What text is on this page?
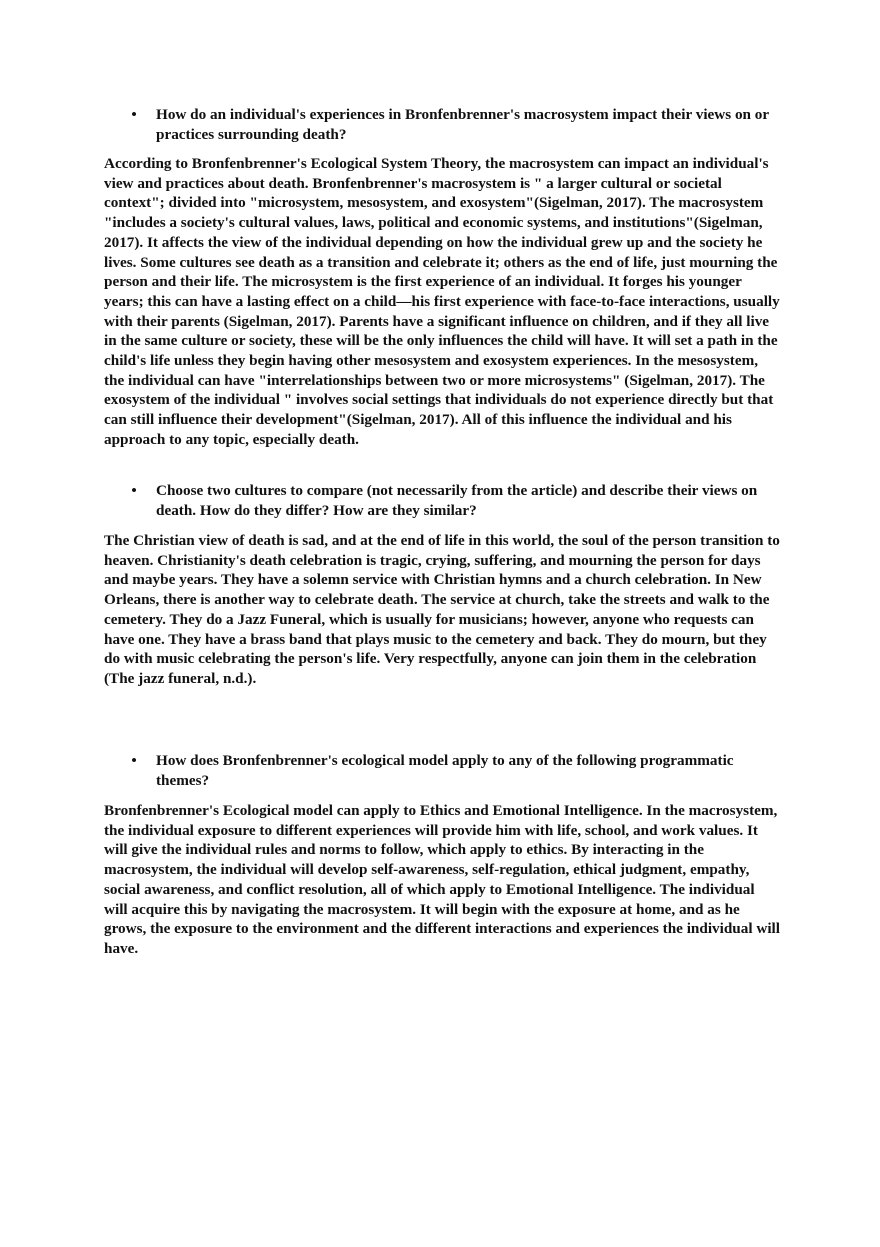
• How do an individual's experiences in Bronfenbrenner's macrosystem impact their views on or practices surrounding death?
According to Bronfenbrenner's Ecological System Theory, the macrosystem can impact an individual's view and practices about death. Bronfenbrenner's macrosystem is " a larger cultural or societal context"; divided into "microsystem, mesosystem, and exosystem"(Sigelman, 2017). The macrosystem "includes a society's cultural values, laws, political and economic systems, and institutions"(Sigelman, 2017). It affects the view of the individual depending on how the individual grew up and the society he lives. Some cultures see death as a transition and celebrate it; others as the end of life, just mourning the person and their life. The microsystem is the first experience of an individual. It forges his younger years; this can have a lasting effect on a child—his first experience with face-to-face interactions, usually with their parents (Sigelman, 2017). Parents have a significant influence on children, and if they all live in the same culture or society, these will be the only influences the child will have. It will set a path in the child's life unless they begin having other mesosystem and exosystem experiences. In the mesosystem, the individual can have "interrelationships between two or more microsystems" (Sigelman, 2017). The exosystem of the individual " involves social settings that individuals do not experience directly but that can still influence their development"(Sigelman, 2017). All of this influence the individual and his approach to any topic, especially death.
• Choose two cultures to compare (not necessarily from the article) and describe their views on death. How do they differ? How are they similar?
The Christian view of death is sad, and at the end of life in this world, the soul of the person transition to heaven. Christianity's death celebration is tragic, crying, suffering, and mourning the person for days and maybe years. They have a solemn service with Christian hymns and a church celebration. In New Orleans, there is another way to celebrate death. The service at church, take the streets and walk to the cemetery. They do a Jazz Funeral, which is usually for musicians; however, anyone who requests can have one. They have a brass band that plays music to the cemetery and back. They do mourn, but they do with music celebrating the person's life. Very respectfully, anyone can join them in the celebration (The jazz funeral, n.d.).
• How does Bronfenbrenner's ecological model apply to any of the following programmatic themes?
Bronfenbrenner's Ecological model can apply to Ethics and Emotional Intelligence. In the macrosystem, the individual exposure to different experiences will provide him with life, school, and work values. It will give the individual rules and norms to follow, which apply to ethics. By interacting in the macrosystem, the individual will develop self-awareness, self-regulation, ethical judgment, empathy, social awareness, and conflict resolution, all of which apply to Emotional Intelligence. The individual will acquire this by navigating the macrosystem. It will begin with the exposure at home, and as he grows, the exposure to the environment and the different interactions and experiences the individual will have.
